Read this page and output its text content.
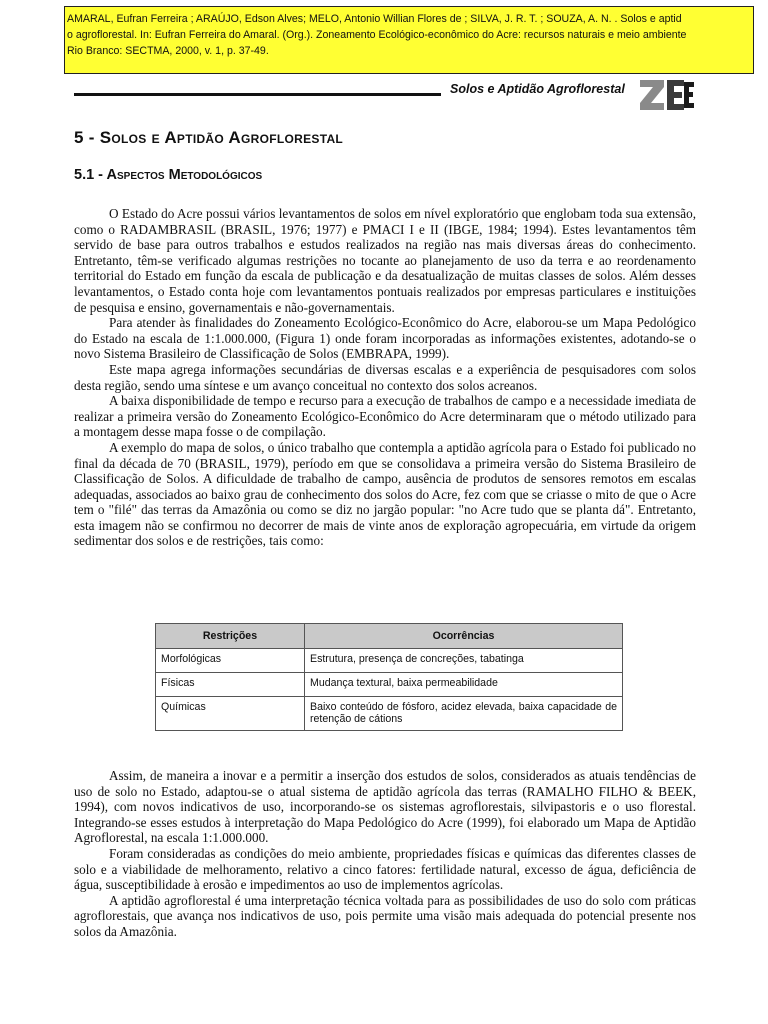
AMARAL, Eufran Ferreira ; ARAÚJO, Edson Alves; MELO, Antonio Willian Flores de ; SILVA, J. R. T. ; SOUZA, A. N. . Solos e aptid
o agroflorestal. In: Eufran Ferreira do Amaral. (Org.). Zoneamento Ecológico-econômico do Acre: recursos naturais e meio ambiente
Rio Branco: SECTMA, 2000, v. 1, p. 37-49.
Solos e Aptidão Agroflorestal
5 - Solos e Aptidão Agroflorestal
5.1 - Aspectos Metodológicos

O Estado do Acre possui vários levantamentos de solos em nível exploratório que englobam toda sua extensão, como o RADAMBRASIL (BRASIL, 1976; 1977) e PMACI I e II (IBGE, 1984; 1994). Estes levantamentos têm servido de base para outros trabalhos e estudos realizados na região nas mais diversas áreas do conhecimento. Entretanto, têm-se verificado algumas restrições no tocante ao planejamento de uso da terra e ao reordenamento territorial do Estado em função da escala de publicação e da desatualização de muitas classes de solos. Além desses levantamentos, o Estado conta hoje com levantamentos pontuais realizados por empresas particulares e instituições de pesquisa e ensino, governamentais e não-governamentais.

Para atender às finalidades do Zoneamento Ecológico-Econômico do Acre, elaborou-se um Mapa Pedológico do Estado na escala de 1:1.000.000, (Figura 1) onde foram incorporadas as informações existentes, adotando-se o novo Sistema Brasileiro de Classificação de Solos (EMBRAPA, 1999).

Este mapa agrega informações secundárias de diversas escalas e a experiência de pesquisadores com solos desta região, sendo uma síntese e um avanço conceitual no contexto dos solos acreanos.

A baixa disponibilidade de tempo e recurso para a execução de trabalhos de campo e a necessidade imediata de realizar a primeira versão do Zoneamento Ecológico-Econômico do Acre determinaram que o método utilizado para a montagem desse mapa fosse o de compilação.

A exemplo do mapa de solos, o único trabalho que contempla a aptidão agrícola para o Estado foi publicado no final da década de 70 (BRASIL, 1979), período em que se consolidava a primeira versão do Sistema Brasileiro de Classificação de Solos. A dificuldade de trabalho de campo, ausência de produtos de sensores remotos em escalas adequadas, associados ao baixo grau de conhecimento dos solos do Acre, fez com que se criasse o mito de que o Acre tem o "filé" das terras da Amazônia ou como se diz no jargão popular: "no Acre tudo que se planta dá". Entretanto, esta imagem não se confirmou no decorrer de mais de vinte anos de exploração agropecuária, em virtude da origem sedimentar dos solos e de restrições, tais como:

Restrições	Ocorrências
Morfológicas	Estrutura, presença de concreções, tabatinga
Físicas	Mudança textural, baixa permeabilidade
Químicas	Baixo conteúdo de fósforo, acidez elevada, baixa capacidade de retenção de cátions

Assim, de maneira a inovar e a permitir a inserção dos estudos de solos, considerados as atuais tendências de uso de solo no Estado, adaptou-se o atual sistema de aptidão agrícola das terras (RAMALHO FILHO & BEEK, 1994), com novos indicativos de uso, incorporando-se os sistemas agroflorestais, silvipastoris e o uso florestal. Integrando-se esses estudos à interpretação do Mapa Pedológico do Acre (1999), foi elaborado um Mapa de Aptidão Agroflorestal, na escala 1:1.000.000.

Foram consideradas as condições do meio ambiente, propriedades físicas e químicas das diferentes classes de solo e a viabilidade de melhoramento, relativo a cinco fatores: fertilidade natural, excesso de água, deficiência de água, susceptibilidade à erosão e impedimentos ao uso de implementos agrícolas.

A aptidão agroflorestal é uma interpretação técnica voltada para as possibilidades de uso do solo com práticas agroflorestais, que avança nos indicativos de uso, pois permite uma visão mais adequada do potencial presente nos solos da Amazônia.
